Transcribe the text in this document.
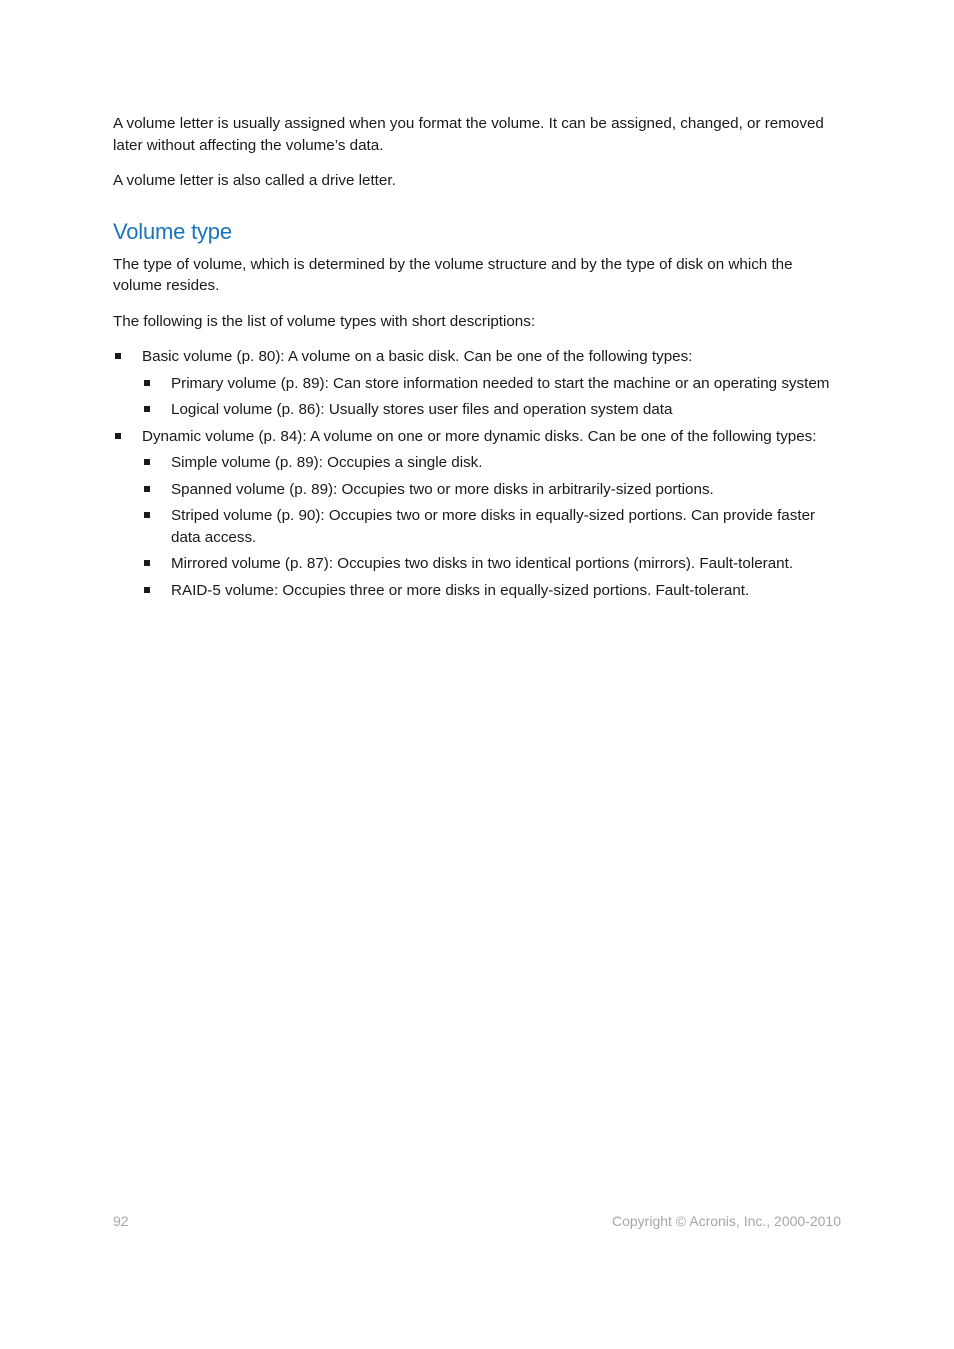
A volume letter is usually assigned when you format the volume. It can be assigned, changed, or removed later without affecting the volume’s data.

A volume letter is also called a drive letter.

Volume type

The type of volume, which is determined by the volume structure and by the type of disk on which the volume resides.

The following is the list of volume types with short descriptions:

Basic volume (p. 80): A volume on a basic disk. Can be one of the following types:
Primary volume (p. 89): Can store information needed to start the machine or an operating system
Logical volume (p. 86): Usually stores user files and operation system data
Dynamic volume (p. 84): A volume on one or more dynamic disks. Can be one of the following types:
Simple volume (p. 89): Occupies a single disk.
Spanned volume (p. 89): Occupies two or more disks in arbitrarily-sized portions.
Striped volume (p. 90): Occupies two or more disks in equally-sized portions. Can provide faster data access.
Mirrored volume (p. 87): Occupies two disks in two identical portions (mirrors). Fault-tolerant.
RAID-5 volume: Occupies three or more disks in equally-sized portions. Fault-tolerant.
92	Copyright © Acronis, Inc., 2000-2010
